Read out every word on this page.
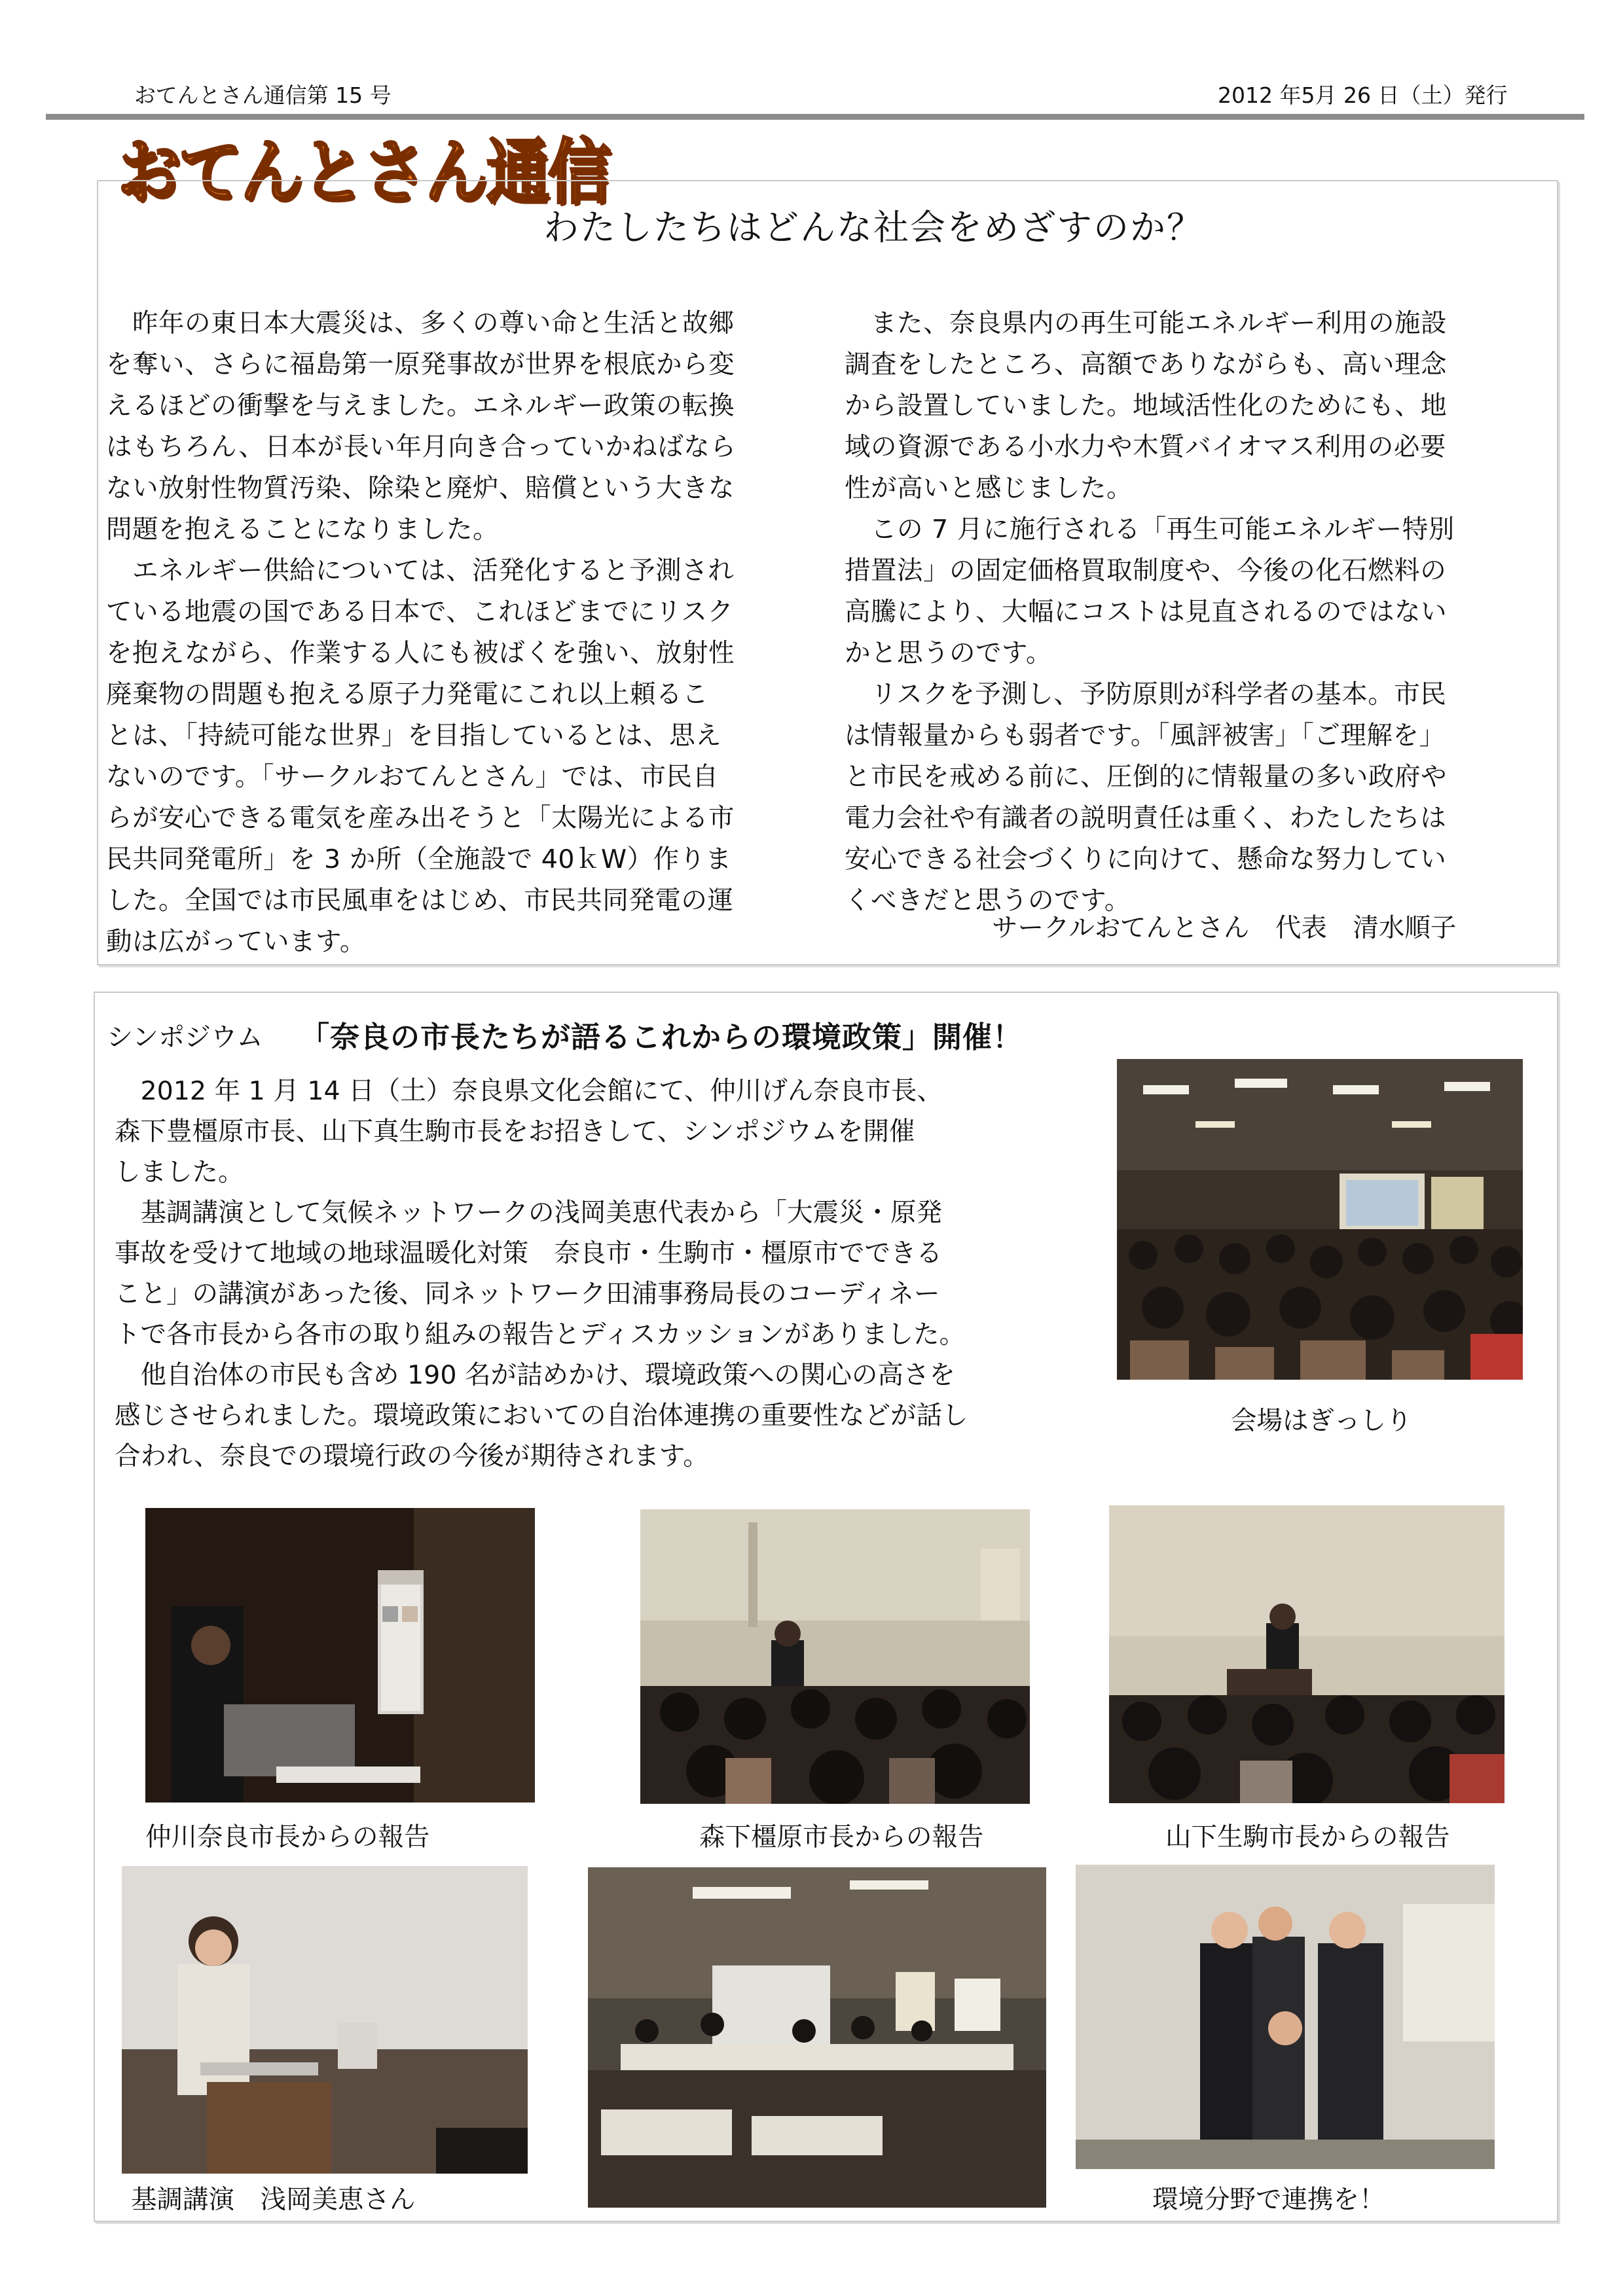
おてんとさん通信第 15 号	2012 年5月 26 日（土）発行
おてんとさん通信
わたしたちはどんな社会をめざすのか？
　昨年の東日本大震災は、多くの尊い命と生活と故郷
を奪い、さらに福島第一原発事故が世界を根底から変
えるほどの衝撃を与えました。エネルギー政策の転換
はもちろん、日本が長い年月向き合っていかねばなら
ない放射性物質汚染、除染と廃炉、賠償という大きな
問題を抱えることになりました。
　エネルギー供給については、活発化すると予測され
ている地震の国である日本で、これほどまでにリスク
を抱えながら、作業する人にも被ばくを強い、放射性
廃棄物の問題も抱える原子力発電にこれ以上頼るこ
とは、「持続可能な世界」を目指しているとは、思え
ないのです。「サークルおてんとさん」では、市民自
らが安心できる電気を産み出そうと「太陽光による市
民共同発電所」を 3 か所（全施設で 40ｋW）作りま
した。全国では市民風車をはじめ、市民共同発電の運
動は広がっています。
　また、奈良県内の再生可能エネルギー利用の施設
調査をしたところ、高額でありながらも、高い理念
から設置していました。地域活性化のためにも、地
域の資源である小水力や木質バイオマス利用の必要
性が高いと感じました。
　この 7 月に施行される「再生可能エネルギー特別
措置法」の固定価格買取制度や、今後の化石燃料の
高騰により、大幅にコストは見直されるのではない
かと思うのです。
　リスクを予測し、予防原則が科学者の基本。市民
は情報量からも弱者です。「風評被害」「ご理解を」
と市民を戒める前に、圧倒的に情報量の多い政府や
電力会社や有識者の説明責任は重く、わたしたちは
安心できる社会づくりに向けて、懸命な努力してい
くべきだと思うのです。
サークルおてんとさん　代表　清水順子
シンポジウム 「奈良の市長たちが語るこれからの環境政策」開催！
　2012 年 1 月 14 日（土）奈良県文化会館にて、仲川げん奈良市長、
森下豊橿原市長、山下真生駒市長をお招きして、シンポジウムを開催
しました。
　基調講演として気候ネットワークの浅岡美恵代表から「大震災・原発
事故を受けて地域の地球温暖化対策　奈良市・生駒市・橿原市でできる
こと」の講演があった後、同ネットワーク田浦事務局長のコーディネー
トで各市長から各市の取り組みの報告とディスカッションがありました。
　他自治体の市民も含め 190 名が詰めかけ、環境政策への関心の高さを
感じさせられました。環境政策においての自治体連携の重要性などが話し
合われ、奈良での環境行政の今後が期待されます。
会場はぎっしり
仲川奈良市長からの報告	森下橿原市長からの報告	山下生駒市長からの報告
基調講演　浅岡美恵さん	環境分野で連携を！
